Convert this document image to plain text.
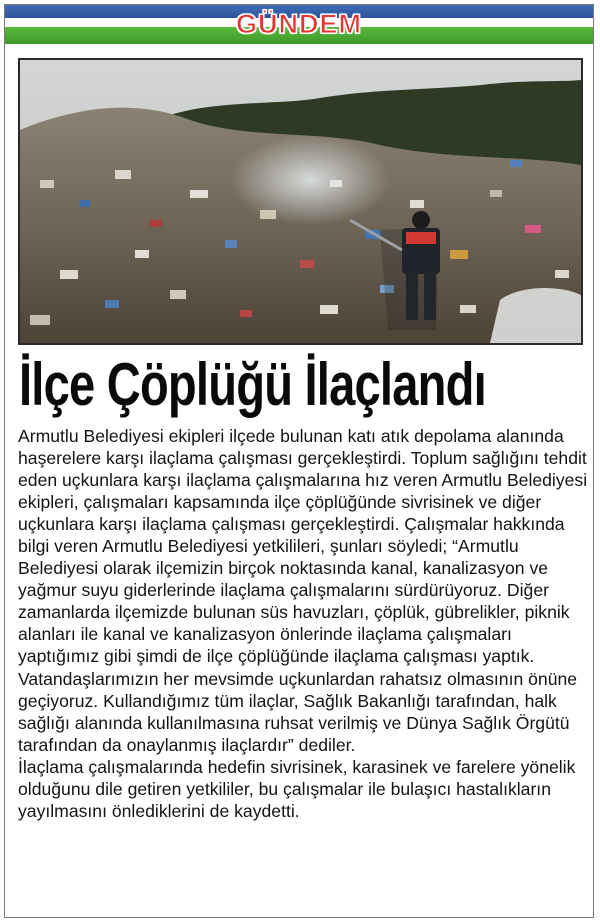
GÜNDEM
İlçe Çöplüğü İlaçlandı

Armutlu Belediyesi ekipleri ilçede bulunan katı atık depolama alanında haşerelere karşı ilaçlama çalışması gerçekleştirdi. Toplum sağlığını tehdit eden uçkunlara karşı ilaçlama çalışmalarına hız veren Armutlu Belediyesi ekipleri, çalışmaları kapsamında ilçe çöplüğünde sivrisinek ve diğer uçkunlara karşı ilaçlama çalışması gerçekleştirdi. Çalışmalar hakkında bilgi veren Armutlu Belediyesi yetkilileri, şunları söyledi; “Armutlu Belediyesi olarak ilçemizin birçok noktasında kanal, kanalizasyon ve yağmur suyu giderlerinde ilaçlama çalışmalarını sürdürüyoruz. Diğer zamanlarda ilçemizde bulunan süs havuzları, çöplük, gübrelikler, piknik alanları ile kanal ve kanalizasyon önlerinde ilaçlama çalışmaları yaptığımız gibi şimdi de ilçe çöplüğünde ilaçlama çalışması yaptık. Vatandaşlarımızın her mevsimde uçkunlardan rahatsız olmasının önüne geçiyoruz. Kullandığımız tüm ilaçlar, Sağlık Bakanlığı tarafından, halk sağlığı alanında kullanılmasına ruhsat verilmiş ve Dünya Sağlık Örgütü tarafından da onaylanmış ilaçlardır” dediler.

İlaçlama çalışmalarında hedefin sivrisinek, karasinek ve farelere yönelik olduğunu dile getiren yetkililer, bu çalışmalar ile bulaşıcı hastalıkların yayılmasını önlediklerini de kaydetti.
